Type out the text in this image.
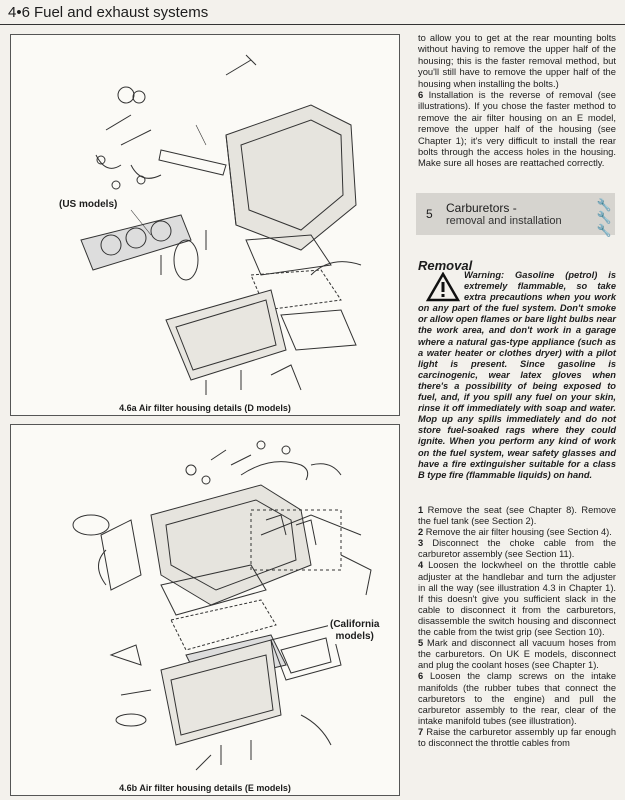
4•6 Fuel and exhaust systems
(US models)
4.6a Air filter housing details (D models)
(California
models)
4.6b Air filter housing details (E models)

to allow you to get at the rear mounting bolts without having to remove the upper half of the housing; this is the faster removal method, but you'll still have to remove the upper half of the housing when installing the bolts.)

6 Installation is the reverse of removal (see illustrations). If you chose the faster method to remove the air filter housing on an E model, remove the upper half of the housing (see Chapter 1); it's very difficult to install the rear bolts through the access holes in the housing. Make sure all hoses are reattached correctly.

5	Carburetors -
removal and installation	🔧🔧🔧
Removal
Warning: Gasoline (petrol) is extremely flammable, so take extra precautions when you work on any part of the fuel system. Don't smoke or allow open flames or bare light bulbs near the work area, and don't work in a garage where a natural gas-type appliance (such as a water heater or clothes dryer) with a pilot light is present. Since gasoline is carcinogenic, wear latex gloves when there's a possibility of being exposed to fuel, and, if you spill any fuel on your skin, rinse it off immediately with soap and water. Mop up any spills immediately and do not store fuel-soaked rags where they could ignite. When you perform any kind of work on the fuel system, wear safety glasses and have a fire extinguisher suitable for a class B type fire (flammable liquids) on hand.

1 Remove the seat (see Chapter 8). Remove the fuel tank (see Section 2).

2 Remove the air filter housing (see Section 4).

3 Disconnect the choke cable from the carburetor assembly (see Section 11).

4 Loosen the lockwheel on the throttle cable adjuster at the handlebar and turn the adjuster in all the way (see illustration 4.3 in Chapter 1). If this doesn't give you sufficient slack in the cable to disconnect it from the carburetors, disassemble the switch housing and disconnect the cable from the twist grip (see Section 10).

5 Mark and disconnect all vacuum hoses from the carburetors. On UK E models, disconnect and plug the coolant hoses (see Chapter 1).

6 Loosen the clamp screws on the intake manifolds (the rubber tubes that connect the carburetors to the engine) and pull the carburetor assembly to the rear, clear of the intake manifold tubes (see illustration).

7 Raise the carburetor assembly up far enough to disconnect the throttle cables from
